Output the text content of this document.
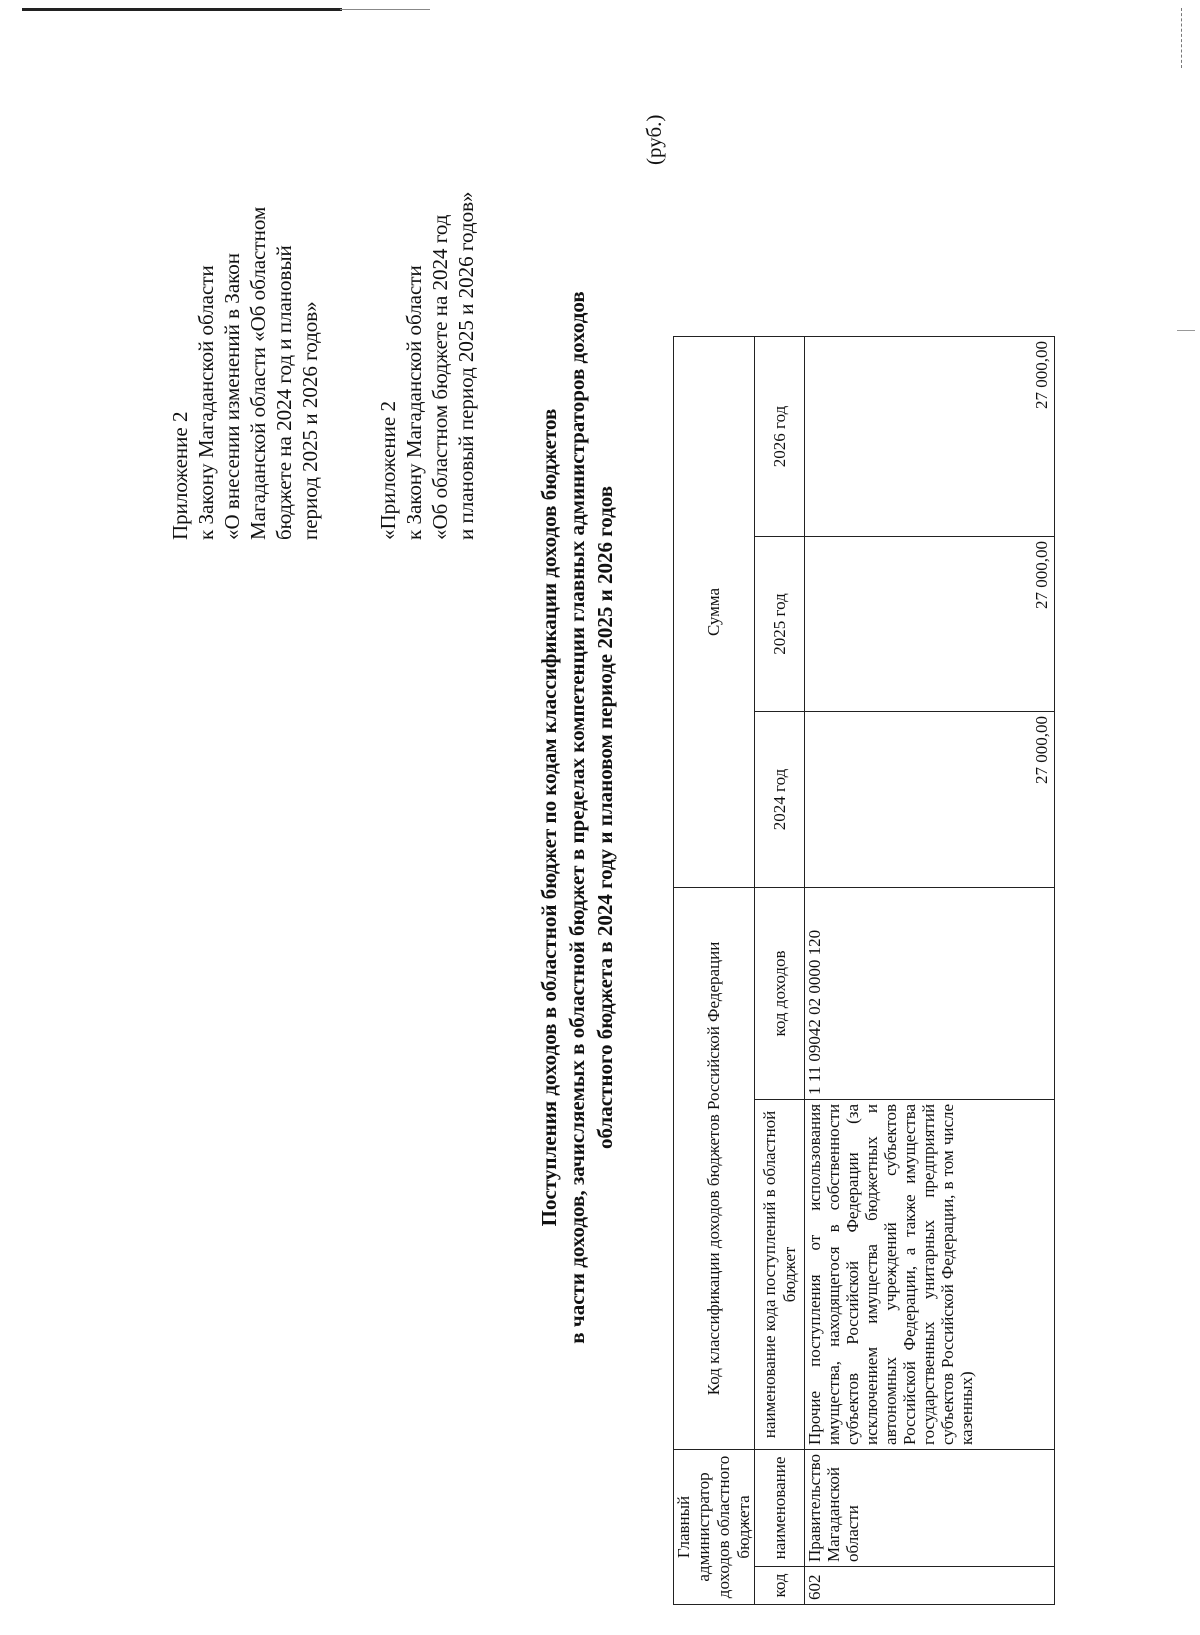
Приложение 2 к Закону Магаданской области «О внесении изменений в Закон Магаданской области «Об областном бюджете на 2024 год и плановый период 2025 и 2026 годов»	«Приложение 2 к Закону Магаданской области «Об областном бюджете на 2024 год и плановый период 2025 и 2026 годов»
Поступления доходов в областной бюджет по кодам классификации доходов бюджетов в части доходов, зачисляемых в областной бюджет в пределах компетенции главных администраторов доходов областного бюджета в 2024 году и плановом периоде 2025 и 2026 годов
(руб.)
Главный администратор доходов областного бюджета		Код классификации доходов бюджетов Российской Федерации		Сумма		
код	наименование	наименование кода поступлений в областной бюджет	код доходов	2024 год	2025 год	2026 год
602	Правительство Магаданской области	Прочие поступления от использования имущества, находящегося в собственности субъектов Российской Федерации (за исключением имущества бюджетных и автономных учреждений субъектов Российской Федерации, а также имущества государственных унитарных предприятий субъектов Российской Федерации, в том числе казенных)	1 11 09042 02 0000 120	27 000,00	27 000,00	27 000,00
